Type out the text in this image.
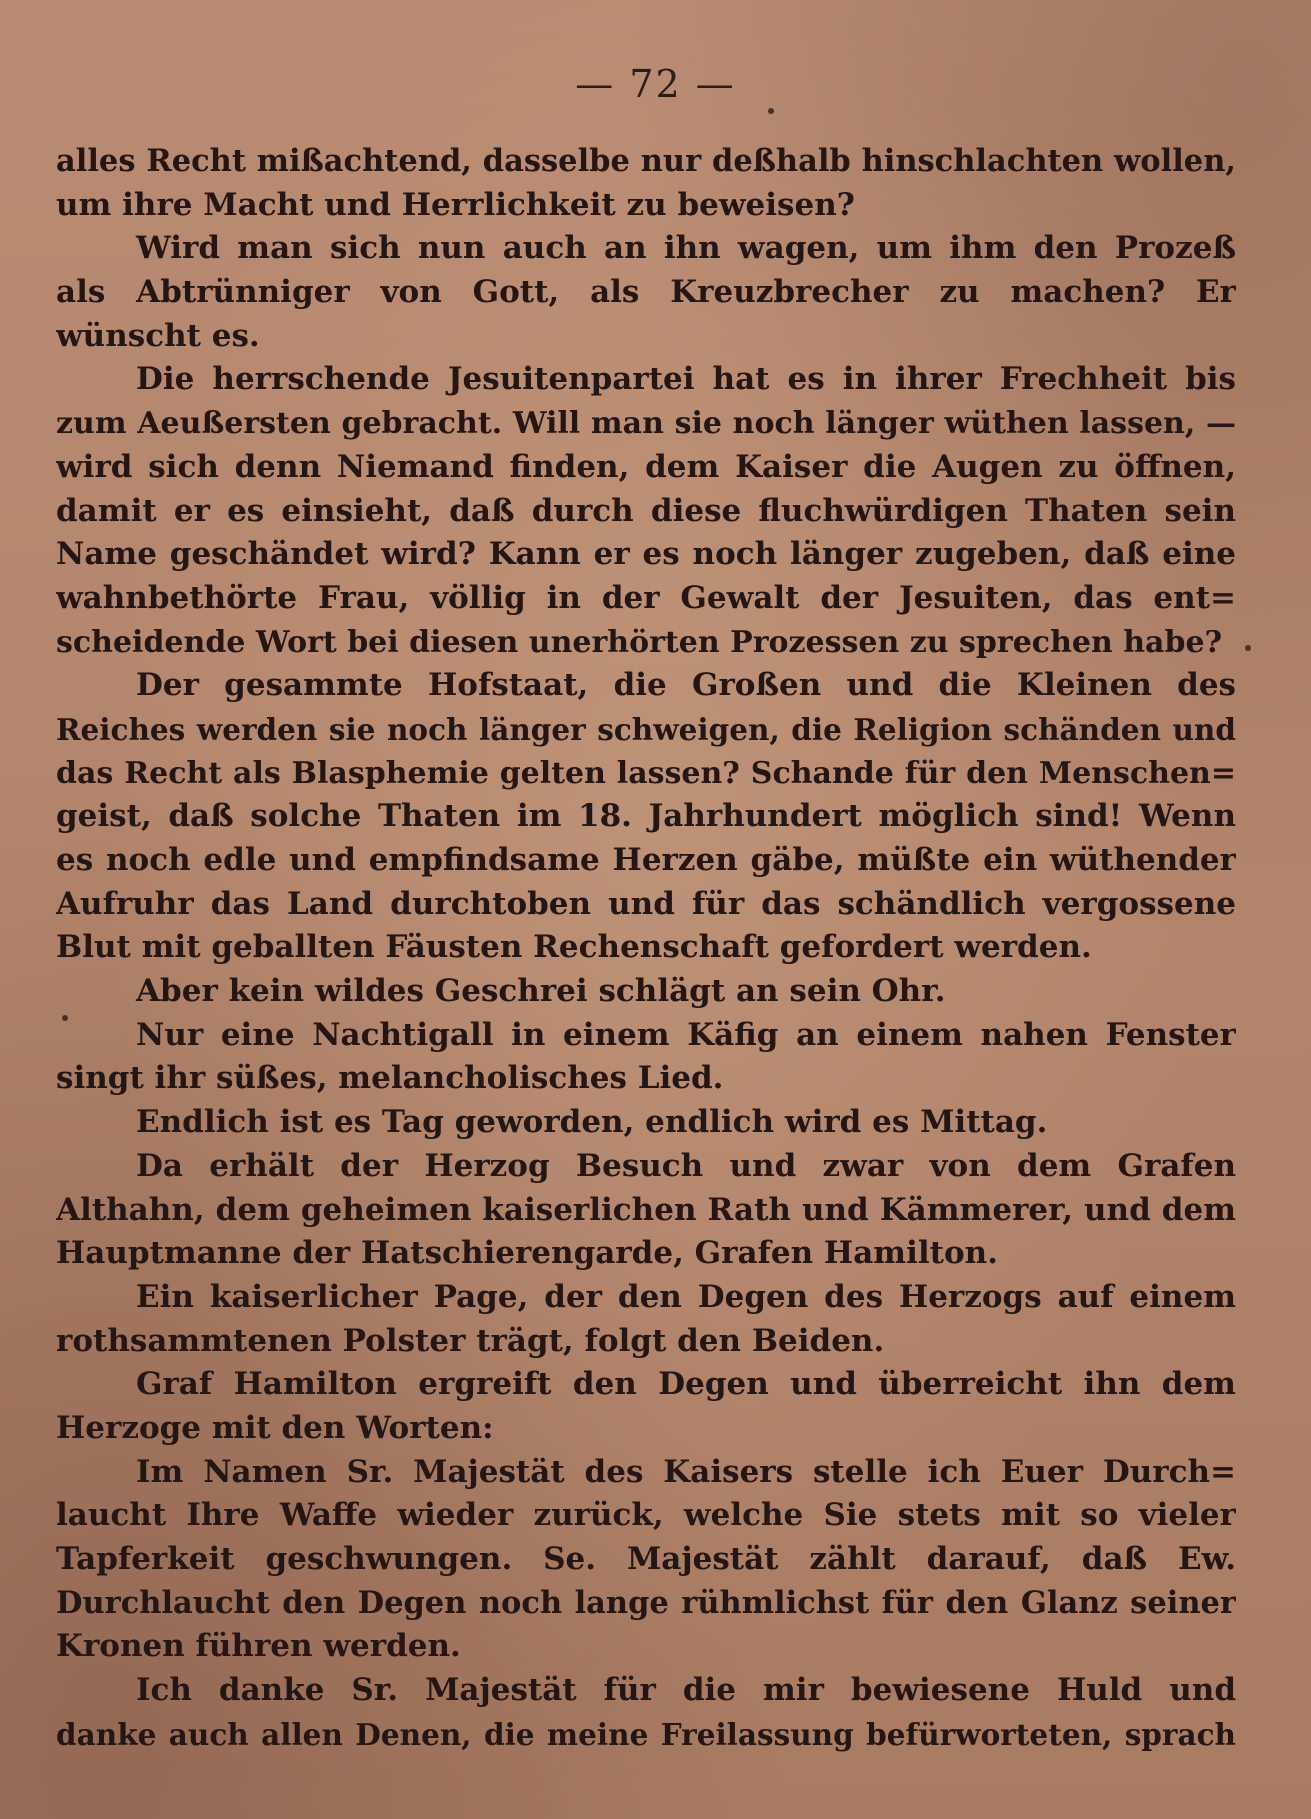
— 72 —
alles Recht mißachtend, dasselbe nur deßhalb hinschlachten wollen,
um ihre Macht und Herrlichkeit zu beweisen?
Wird man sich nun auch an ihn wagen, um ihm den Prozeß
als Abtrünniger von Gott, als Kreuzbrecher zu machen? Er
wünscht es.
Die herrschende Jesuitenpartei hat es in ihrer Frechheit bis
zum Aeußersten gebracht. Will man sie noch länger wüthen lassen, —
wird sich denn Niemand finden, dem Kaiser die Augen zu öffnen,
damit er es einsieht, daß durch diese fluchwürdigen Thaten sein
Name geschändet wird? Kann er es noch länger zugeben, daß eine
wahnbethörte Frau, völlig in der Gewalt der Jesuiten, das ent=
scheidende Wort bei diesen unerhörten Prozessen zu sprechen habe?
Der gesammte Hofstaat, die Großen und die Kleinen des
Reiches werden sie noch länger schweigen, die Religion schänden und
das Recht als Blasphemie gelten lassen? Schande für den Menschen=
geist, daß solche Thaten im 18. Jahrhundert möglich sind! Wenn
es noch edle und empfindsame Herzen gäbe, müßte ein wüthender
Aufruhr das Land durchtoben und für das schändlich vergossene
Blut mit geballten Fäusten Rechenschaft gefordert werden.
Aber kein wildes Geschrei schlägt an sein Ohr.
Nur eine Nachtigall in einem Käfig an einem nahen Fenster
singt ihr süßes, melancholisches Lied.
Endlich ist es Tag geworden, endlich wird es Mittag.
Da erhält der Herzog Besuch und zwar von dem Grafen
Althahn, dem geheimen kaiserlichen Rath und Kämmerer, und dem
Hauptmanne der Hatschierengarde, Grafen Hamilton.
Ein kaiserlicher Page, der den Degen des Herzogs auf einem
rothsammtenen Polster trägt, folgt den Beiden.
Graf Hamilton ergreift den Degen und überreicht ihn dem
Herzoge mit den Worten:
Im Namen Sr. Majestät des Kaisers stelle ich Euer Durch=
laucht Ihre Waffe wieder zurück, welche Sie stets mit so vieler
Tapferkeit geschwungen. Se. Majestät zählt darauf, daß Ew.
Durchlaucht den Degen noch lange rühmlichst für den Glanz seiner
Kronen führen werden.
Ich danke Sr. Majestät für die mir bewiesene Huld und
danke auch allen Denen, die meine Freilassung befürworteten, sprach
